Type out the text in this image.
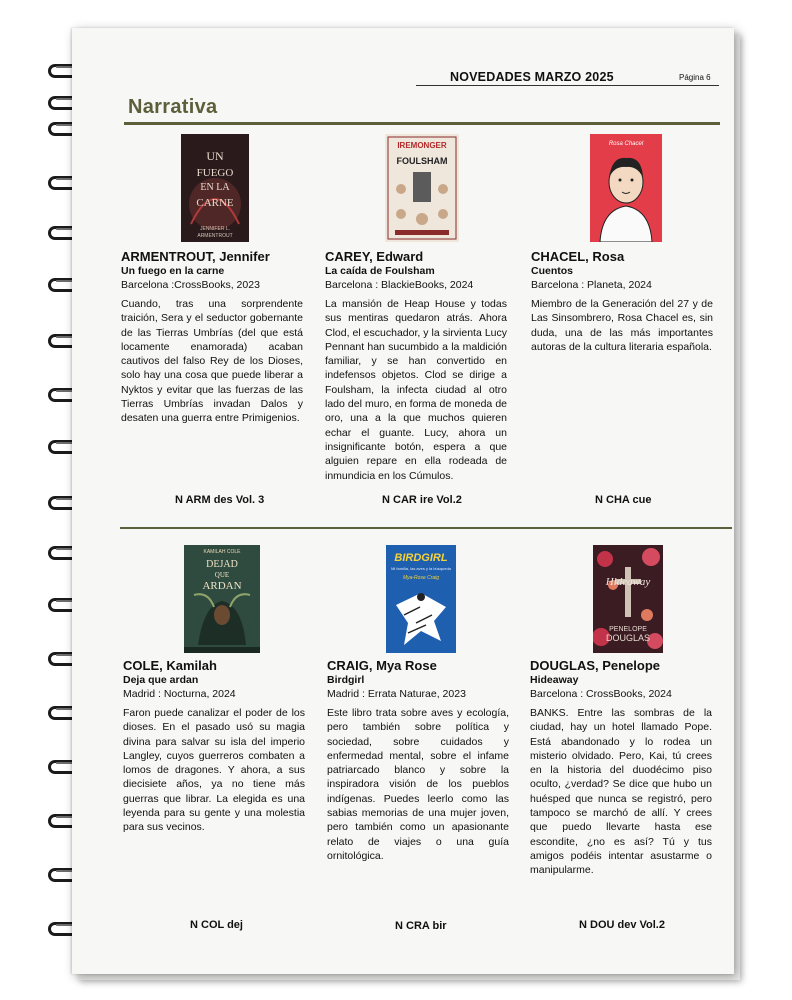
NOVEDADES MARZO 2025	Página 6
Narrativa
UN
FUEGO
EN LA
CARNE
JENNIFER L.
ARMENTROUT
ARMENTROUT, Jennifer
Un fuego en la carne
Barcelona :CrossBooks, 2023
Cuando, tras una sorprendente traición, Sera y el seductor gobernante de las Tierras Umbrías (del que está locamente enamorada) acaban cautivos del falso Rey de los Dioses, solo hay una cosa que puede liberar a Nyktos y evitar que las fuerzas de las Tierras Umbrías invadan Dalos y desaten una guerra entre Primigenios.
N ARM des Vol. 3
IREMONGER
FOULSHAM
CAREY, Edward
La caída de Foulsham
Barcelona : BlackieBooks, 2024
La mansión de Heap House y todas sus mentiras quedaron atrás. Ahora Clod, el escuchador, y la sirvienta Lucy Pennant han sucumbido a la maldición familiar, y se han convertido en indefensos objetos. Clod se dirige a Foulsham, la infecta ciudad al otro lado del muro, en forma de moneda de oro, una a la que muchos quieren echar el guante. Lucy, ahora un insignificante botón, espera a que alguien repare en ella rodeada de inmundicia en los Cúmulos.
N CAR ire Vol.2
Rosa Chacel
CHACEL, Rosa
Cuentos
Barcelona : Planeta, 2024
Miembro de la Generación del 27 y de Las Sinsombrero, Rosa Chacel es, sin duda, una de las más importantes autoras de la cultura literaria española.
N CHA cue
KAMILAH COLE
DEJAD
QUE
ARDAN
COLE, Kamilah
Deja que ardan
Madrid : Nocturna, 2024
Faron puede canalizar el poder de los dioses. En el pasado usó su magia divina para salvar su isla del imperio Langley, cuyos guerreros combaten a lomos de dragones. Y ahora, a sus diecisiete años, ya no tiene más guerras que librar. La elegida es una leyenda para su gente y una molestia para sus vecinos.
N COL dej
BIRDGIRL
Mi familia, las aves y la búsqueda
Mya-Rose Craig
CRAIG, Mya Rose
Birdgirl
Madrid : Errata Naturae, 2023
Este libro trata sobre aves y ecología, pero también sobre política y sociedad, sobre cuidados y enfermedad mental, sobre el infame patriarcado blanco y sobre la inspiradora visión de los pueblos indígenas. Puedes leerlo como las sabias memorias de una mujer joven, pero también como un apasionante relato de viajes o una guía ornitológica.
N CRA bir
Hideaway
PENELOPE
DOUGLAS
DOUGLAS, Penelope
Hideaway
Barcelona : CrossBooks, 2024
BANKS. Entre las sombras de la ciudad, hay un hotel llamado Pope. Está abandonado y lo rodea un misterio olvidado. Pero, Kai, tú crees en la historia del duodécimo piso oculto, ¿verdad? Se dice que hubo un huésped que nunca se registró, pero tampoco se marchó de allí. Y crees que puedo llevarte hasta ese escondite, ¿no es así? Tú y tus amigos podéis intentar asustarme o manipularme.
N DOU dev Vol.2
